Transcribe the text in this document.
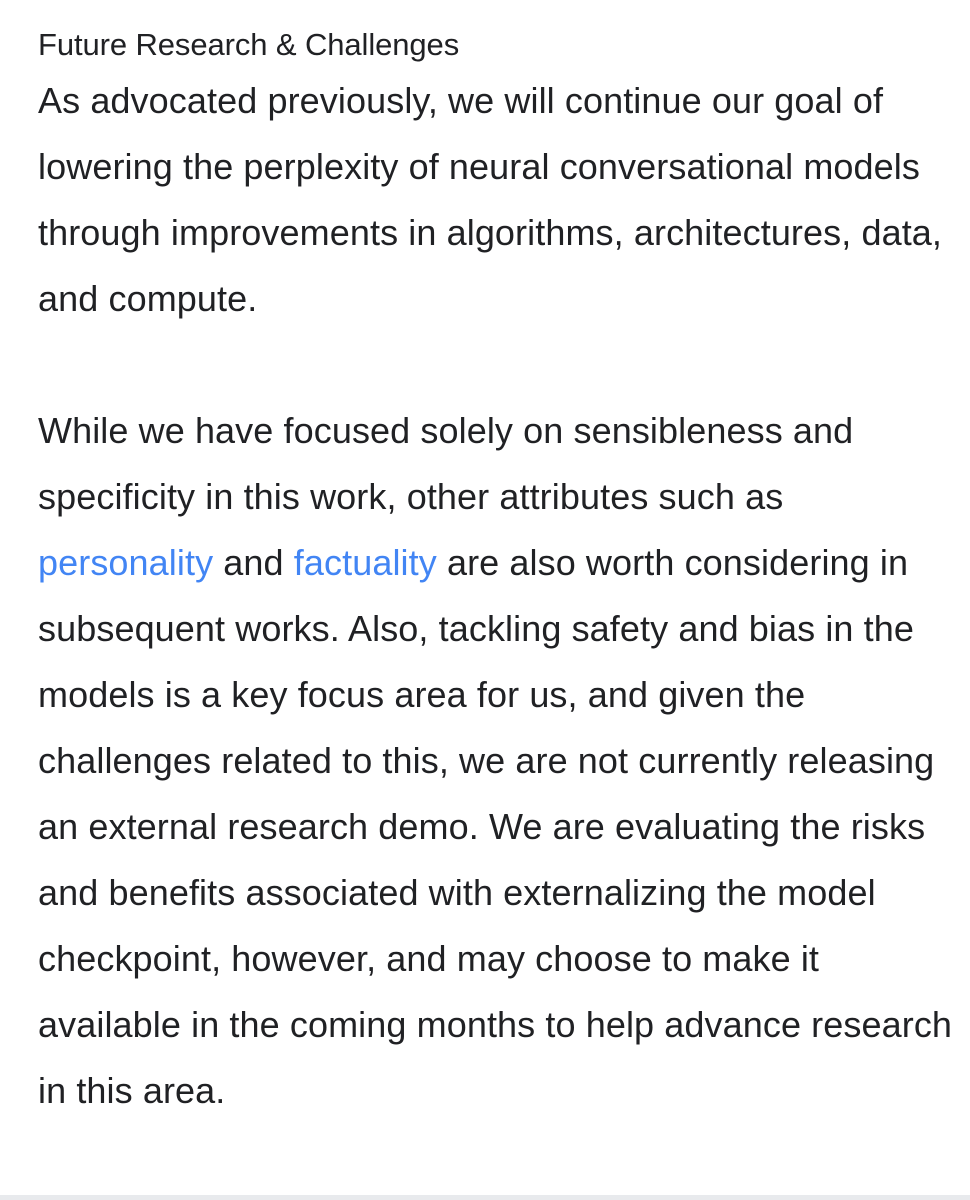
Future Research & Challenges

As advocated previously, we will continue our goal of lowering the perplexity of neural conversational models through improvements in algorithms, architectures, data, and compute.

While we have focused solely on sensibleness and specificity in this work, other attributes such as personality and factuality are also worth considering in subsequent works. Also, tackling safety and bias in the models is a key focus area for us, and given the challenges related to this, we are not currently releasing an external research demo. We are evaluating the risks and benefits associated with externalizing the model checkpoint, however, and may choose to make it available in the coming months to help advance research in this area.
